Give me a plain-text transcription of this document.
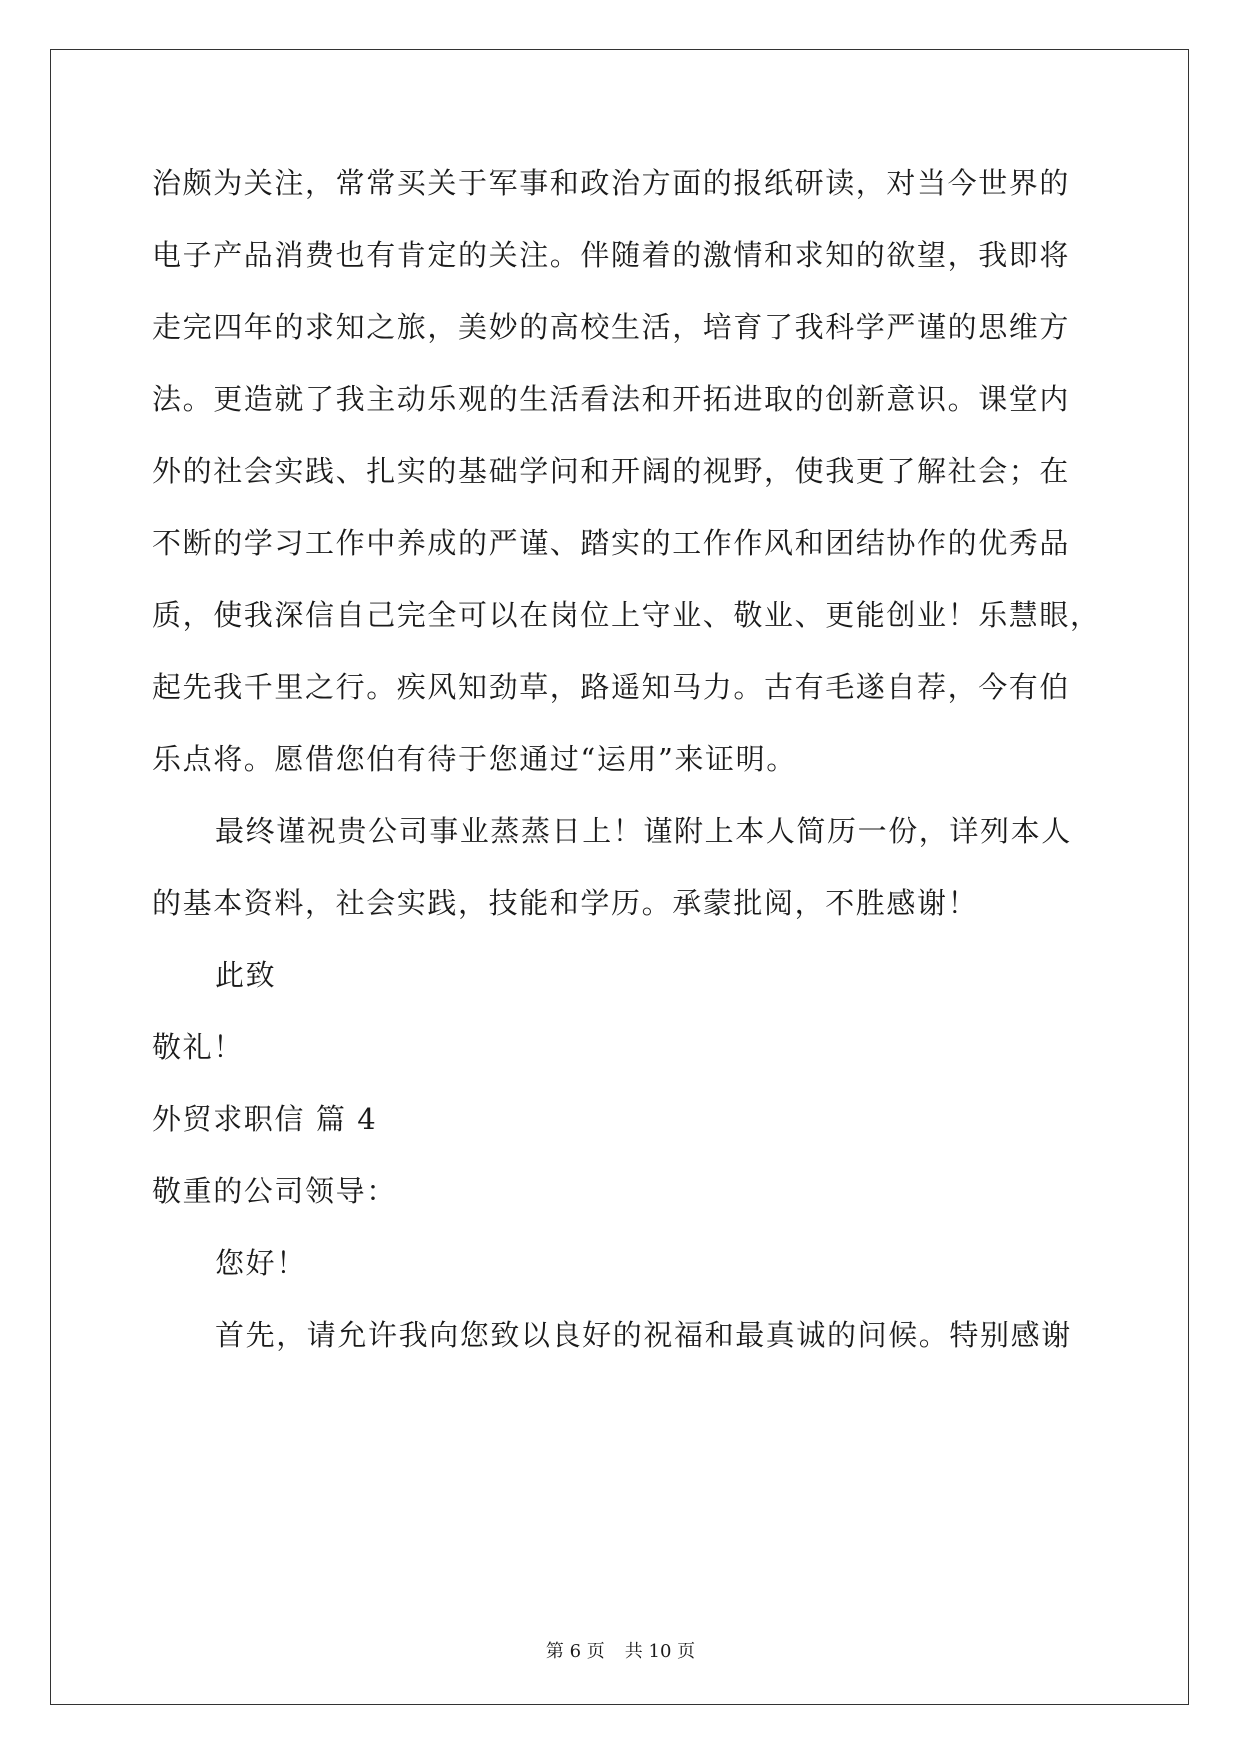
治颇为关注，常常买关于军事和政治方面的报纸研读，对当今世界的
电子产品消费也有肯定的关注。伴随着的激情和求知的欲望，我即将
走完四年的求知之旅，美妙的高校生活，培育了我科学严谨的思维方
法。更造就了我主动乐观的生活看法和开拓进取的创新意识。课堂内
外的社会实践、扎实的基础学问和开阔的视野，使我更了解社会；在
不断的学习工作中养成的严谨、踏实的工作作风和团结协作的优秀品
质，使我深信自己完全可以在岗位上守业、敬业、更能创业！乐慧眼，
起先我千里之行。疾风知劲草，路遥知马力。古有毛遂自荐，今有伯
乐点将。愿借您伯有待于您通过“运用”来证明。
最终谨祝贵公司事业蒸蒸日上！谨附上本人简历一份，详列本人
的基本资料，社会实践，技能和学历。承蒙批阅，不胜感谢！
此致
敬礼！
外贸求职信 篇 4
敬重的公司领导：
您好！
首先，请允许我向您致以良好的祝福和最真诚的问候。特别感谢
第 6 页 共 10 页
